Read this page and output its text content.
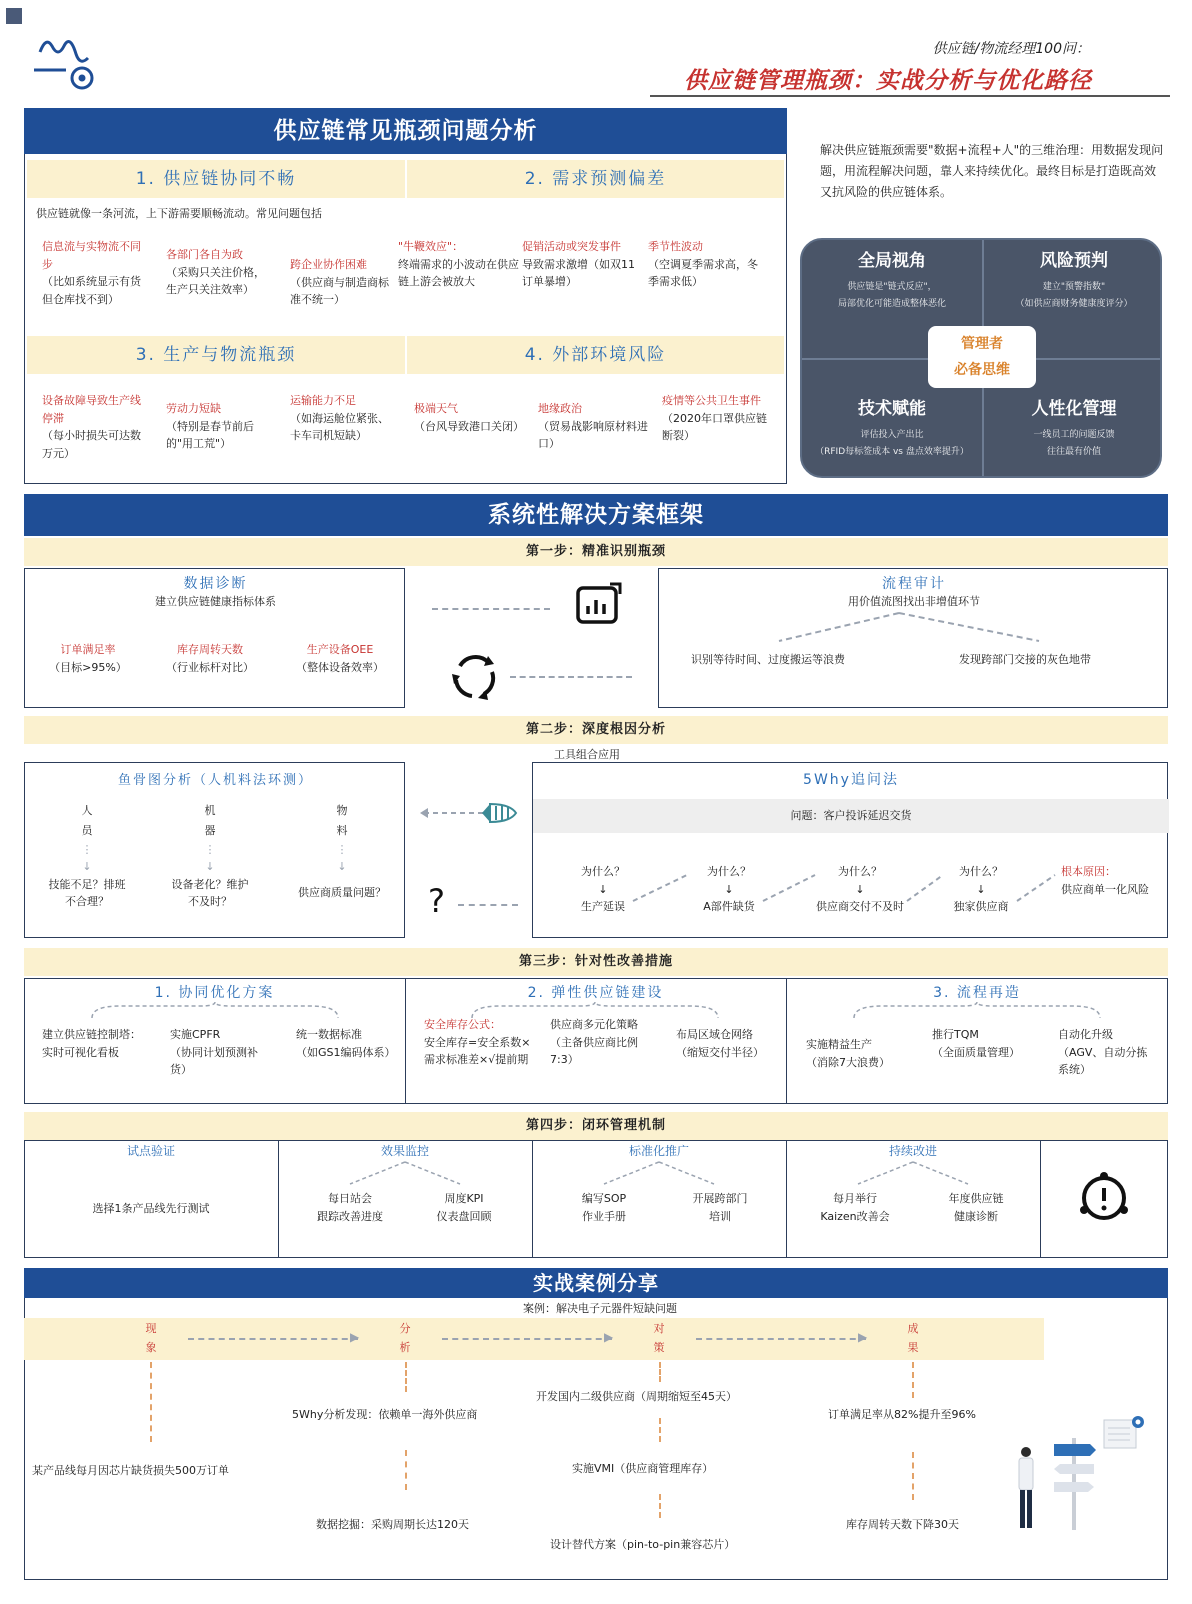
供应链/物流经理100问：
供应链管理瓶颈：实战分析与优化路径
供应链常见瓶颈问题分析
1. 供应链协同不畅
供应链就像一条河流，上下游需要顺畅流动。常见问题包括
信息流与实物流不同步
（比如系统显示有货但仓库找不到）
各部门各自为政
（采购只关注价格，生产只关注效率）
跨企业协作困难
（供应商与制造商标准不统一）
2. 需求预测偏差
"牛鞭效应"：
终端需求的小波动在供应链上游会被放大
促销活动或突发事件
导致需求激增（如双11订单暴增）
季节性波动
（空调夏季需求高，冬季需求低）
3. 生产与物流瓶颈
设备故障导致生产线停滞
（每小时损失可达数万元）
劳动力短缺
（特别是春节前后的"用工荒"）
运输能力不足
（如海运舱位紧张、卡车司机短缺）
4. 外部环境风险
极端天气
（台风导致港口关闭）
地缘政治
（贸易战影响原材料进口）
疫情等公共卫生事件
（2020年口罩供应链断裂）
解决供应链瓶颈需要"数据+流程+人"的三维治理：用数据发现问题，用流程解决问题，靠人来持续优化。最终目标是打造既高效又抗风险的供应链体系。
全局视角
供应链是"链式反应"，
局部优化可能造成整体恶化
风险预判
建立"预警指数"
（如供应商财务健康度评分）
技术赋能
评估投入产出比
（RFID每标签成本 vs 盘点效率提升）
人性化管理
一线员工的问题反馈
往往最有价值
管理者
必备思维
系统性解决方案框架
第一步：精准识别瓶颈
数据诊断
建立供应链健康指标体系
订单满足率
（目标>95%）
库存周转天数
（行业标杆对比）
生产设备OEE
（整体设备效率）
流程审计
用价值流图找出非增值环节
识别等待时间、过度搬运等浪费	发现跨部门交接的灰色地带
第二步：深度根因分析
工具组合应用
鱼骨图分析（人机料法环测）
人员
⋮
↓
技能不足？排班不合理？
机器
⋮
↓
设备老化？维护不及时？
物料
⋮
↓
供应商质量问题？	?
5Why追问法
问题：客户投诉延迟交货
为什么？
↓
生产延误
为什么？
↓
A部件缺货
为什么？
↓
供应商交付不及时
为什么？
↓
独家供应商
根本原因：
供应商单一化风险
第三步：针对性改善措施
1. 协同优化方案
建立供应链控制塔：
实时可视化看板
实施CPFR
（协同计划预测补货）
统一数据标准
（如GS1编码体系）
2. 弹性供应链建设
安全库存公式：
安全库存=安全系数×需求标准差×√提前期
供应商多元化策略
（主备供应商比例7:3）
布局区域仓网络
（缩短交付半径）
3. 流程再造
实施精益生产
（消除7大浪费）
推行TQM
（全面质量管理）
自动化升级
（AGV、自动分拣系统）
第四步：闭环管理机制
试点验证
选择1条产品线先行测试
效果监控
每日站会
跟踪改善进度
周度KPI
仪表盘回顾
标准化推广
编写SOP
作业手册
开展跨部门
培训
持续改进
每月举行
Kaizen改善会
年度供应链
健康诊断
实战案例分享
案例：解决电子元器件短缺问题
现象
分析
对策
成果
▶	▶	▶
某产品线每月因芯片缺货损失500万订单
5Why分析发现：依赖单一海外供应商
数据挖掘：采购周期长达120天
开发国内二级供应商（周期缩短至45天）
实施VMI（供应商管理库存）
设计替代方案（pin-to-pin兼容芯片）
订单满足率从82%提升至96%
库存周转天数下降30天
